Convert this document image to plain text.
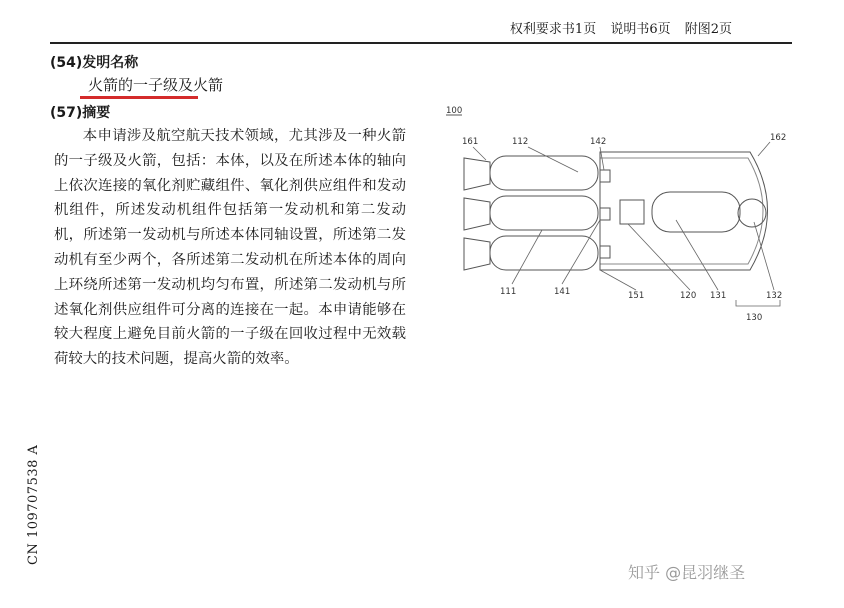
权利要求书1页 说明书6页 附图2页
(54)发明名称
火箭的一子级及火箭
(57)摘要

本申请涉及航空航天技术领域，尤其涉及一种火箭的一子级及火箭，包括：本体，以及在所述本体的轴向上依次连接的氧化剂贮藏组件、氧化剂供应组件和发动机组件，所述发动机组件包括第一发动机和第二发动机，所述第一发动机与所述本体同轴设置，所述第二发动机有至少两个，各所述第二发动机在所述本体的周向上环绕所述第一发动机均匀布置，所述第二发动机与所述氧化剂供应组件可分离的连接在一起。本申请能够在较大程度上避免目前火箭的一子级在回收过程中无效载荷较大的技术问题，提高火箭的效率。

CN 109707538 A
100
161	112	142	162
111	141	151	120 131	132
130
知乎 @昆羽继圣
